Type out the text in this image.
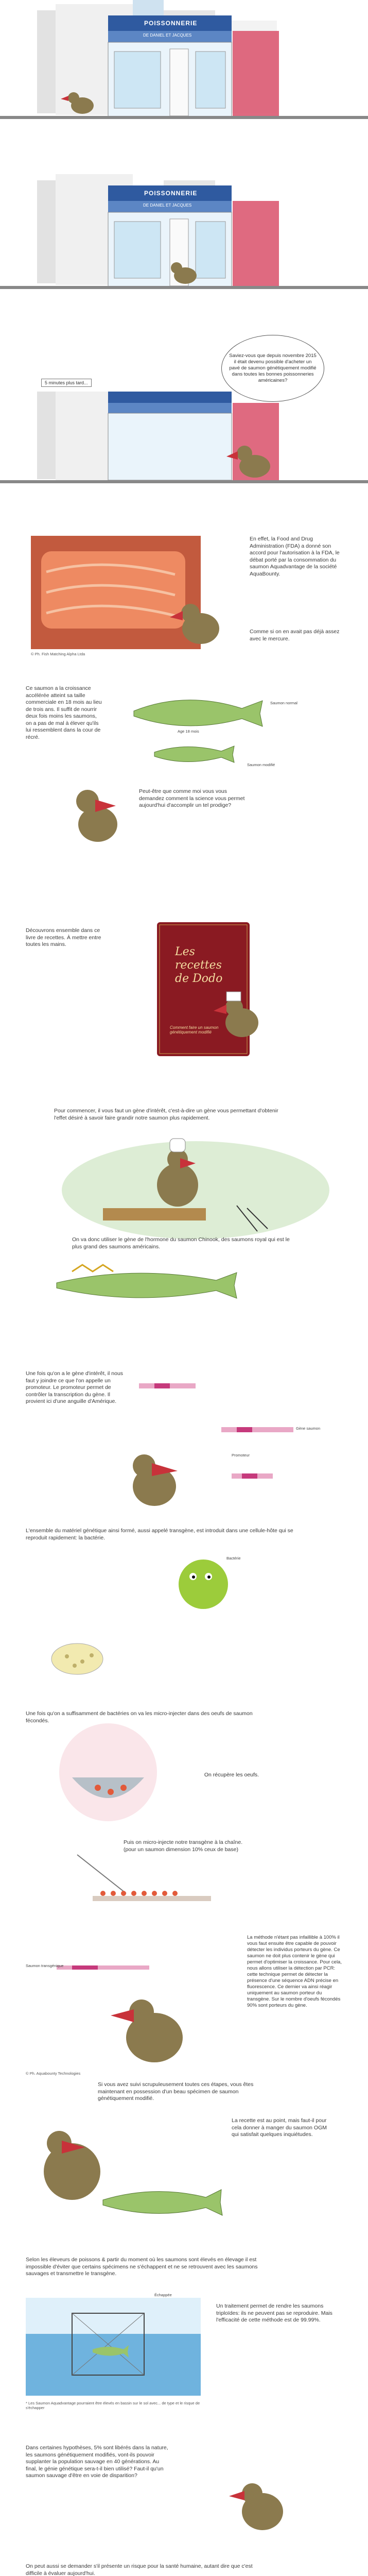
POISSONNERIE
DE DANIEL ET JACQUES
POISSONNERIE
DE DANIEL ET JACQUES
5 minutes plus tard...
Saviez-vous que depuis novembre 2015 il était devenu possible d'acheter un pavé de saumon génétiquement modifié dans toutes les bonnes poissonneries américaines?
En effet, la Food and Drug Administration (FDA) a donné son accord pour l'autorisation à la FDA, le débat porté par la consommation du saumon Aquadvantage de la société AquaBounty.
Comme si on en avait pas déjà assez avec le mercure.
© Ph. Fish Matching Alpha Ltda
Ce saumon a la croissance accélérée atteint sa taille commerciale en 18 mois au lieu de trois ans. Il suffit de nourrir deux fois moins les saumons, on a pas de mal à élever qu'ils lui ressemblent dans la cour de récré.
Saumon normal
Age 18 mois
Saumon modifié
Peut-être que comme moi vous vous demandez comment la science vous permet aujourd'hui d'accomplir un tel prodige?
Découvrons ensemble dans ce livre de recettes. À mettre entre toutes les mains.
Les recettes de Dodo
Comment faire un saumon génétiquement modifié
Pour commencer, il vous faut un gène d'intérêt, c'est-à-dire un gène vous permettant d'obtenir l'effet désiré à savoir faire grandir notre saumon plus rapidement.
On va donc utiliser le gène de l'hormone du saumon Chinook, des saumons royal qui est le plus grand des saumons américains.
Une fois qu'on a le gène d'intérêt, il nous faut y joindre ce que l'on appelle un promoteur. Le promoteur permet de contrôler la transcription du gène. Il provient ici d'une anguille d'Amérique.
Gène saumon
Promoteur
L'ensemble du matériel génétique ainsi formé, aussi appelé transgène, est introduit dans une cellule-hôte qui se reproduit rapidement: la bactérie.
Bactérie
Une fois qu'on a suffisamment de bactéries on va les micro-injecter dans des oeufs de saumon fécondés.
On récupère les oeufs.
Puis on micro-injecte notre transgène à la chaîne. (pour un saumon dimension 10% ceux de base)
La méthode n'étant pas infaillible à 100% il vous faut ensuite être capable de pouvoir détecter les individus porteurs du gène. Ce saumon ne doit plus contenir le gène qui permet d'optimiser la croissance. Pour cela, nous allons utiliser la détection par PCR: cette technique permet de détecter la présence d'une séquence ADN précise en fluorescence. Ce dernier va ainsi réagir uniquement au saumon porteur du transgène. Sur le nombre d'oeufs fécondés 90% sont porteurs du gène.
Saumon transgénique
© Ph. Aquabounty Technologies
Si vous avez suivi scrupuleusement toutes ces étapes, vous êtes maintenant en possession d'un beau spécimen de saumon génétiquement modifié.
La recette est au point, mais faut-il pour cela donner à manger du saumon OGM qui satisfait quelques inquiétudes.
Selon les éleveurs de poissons & partir du moment où les saumons sont élevés en élevage il est impossible d'éviter que certains spécimens ne s'échappent et ne se retrouvent avec les saumons sauvages et transmettre le transgène.
Échappée
Un traitement permet de rendre les saumons triploïdes: ils ne peuvent pas se reproduire. Mais l'efficacité de cette méthode est de 99.99%.
* Les Saumon Aquadvantage pourraient être élevés en bassin sur le sol avec... de type et le risque de s'échapper
Dans certaines hypothèses, 5% sont libérés dans la nature, les saumons génétiquement modifiés, vont-ils pouvoir supplanter la population sauvage en 40 générations. Au final, le génie génétique sera-t-il bien utilisé? Faut-il qu'un saumon sauvage d'être en voie de disparition?
On peut aussi se demander s'il présente un risque pour la santé humaine, autant dire que c'est difficile à évaluer aujourd'hui.
